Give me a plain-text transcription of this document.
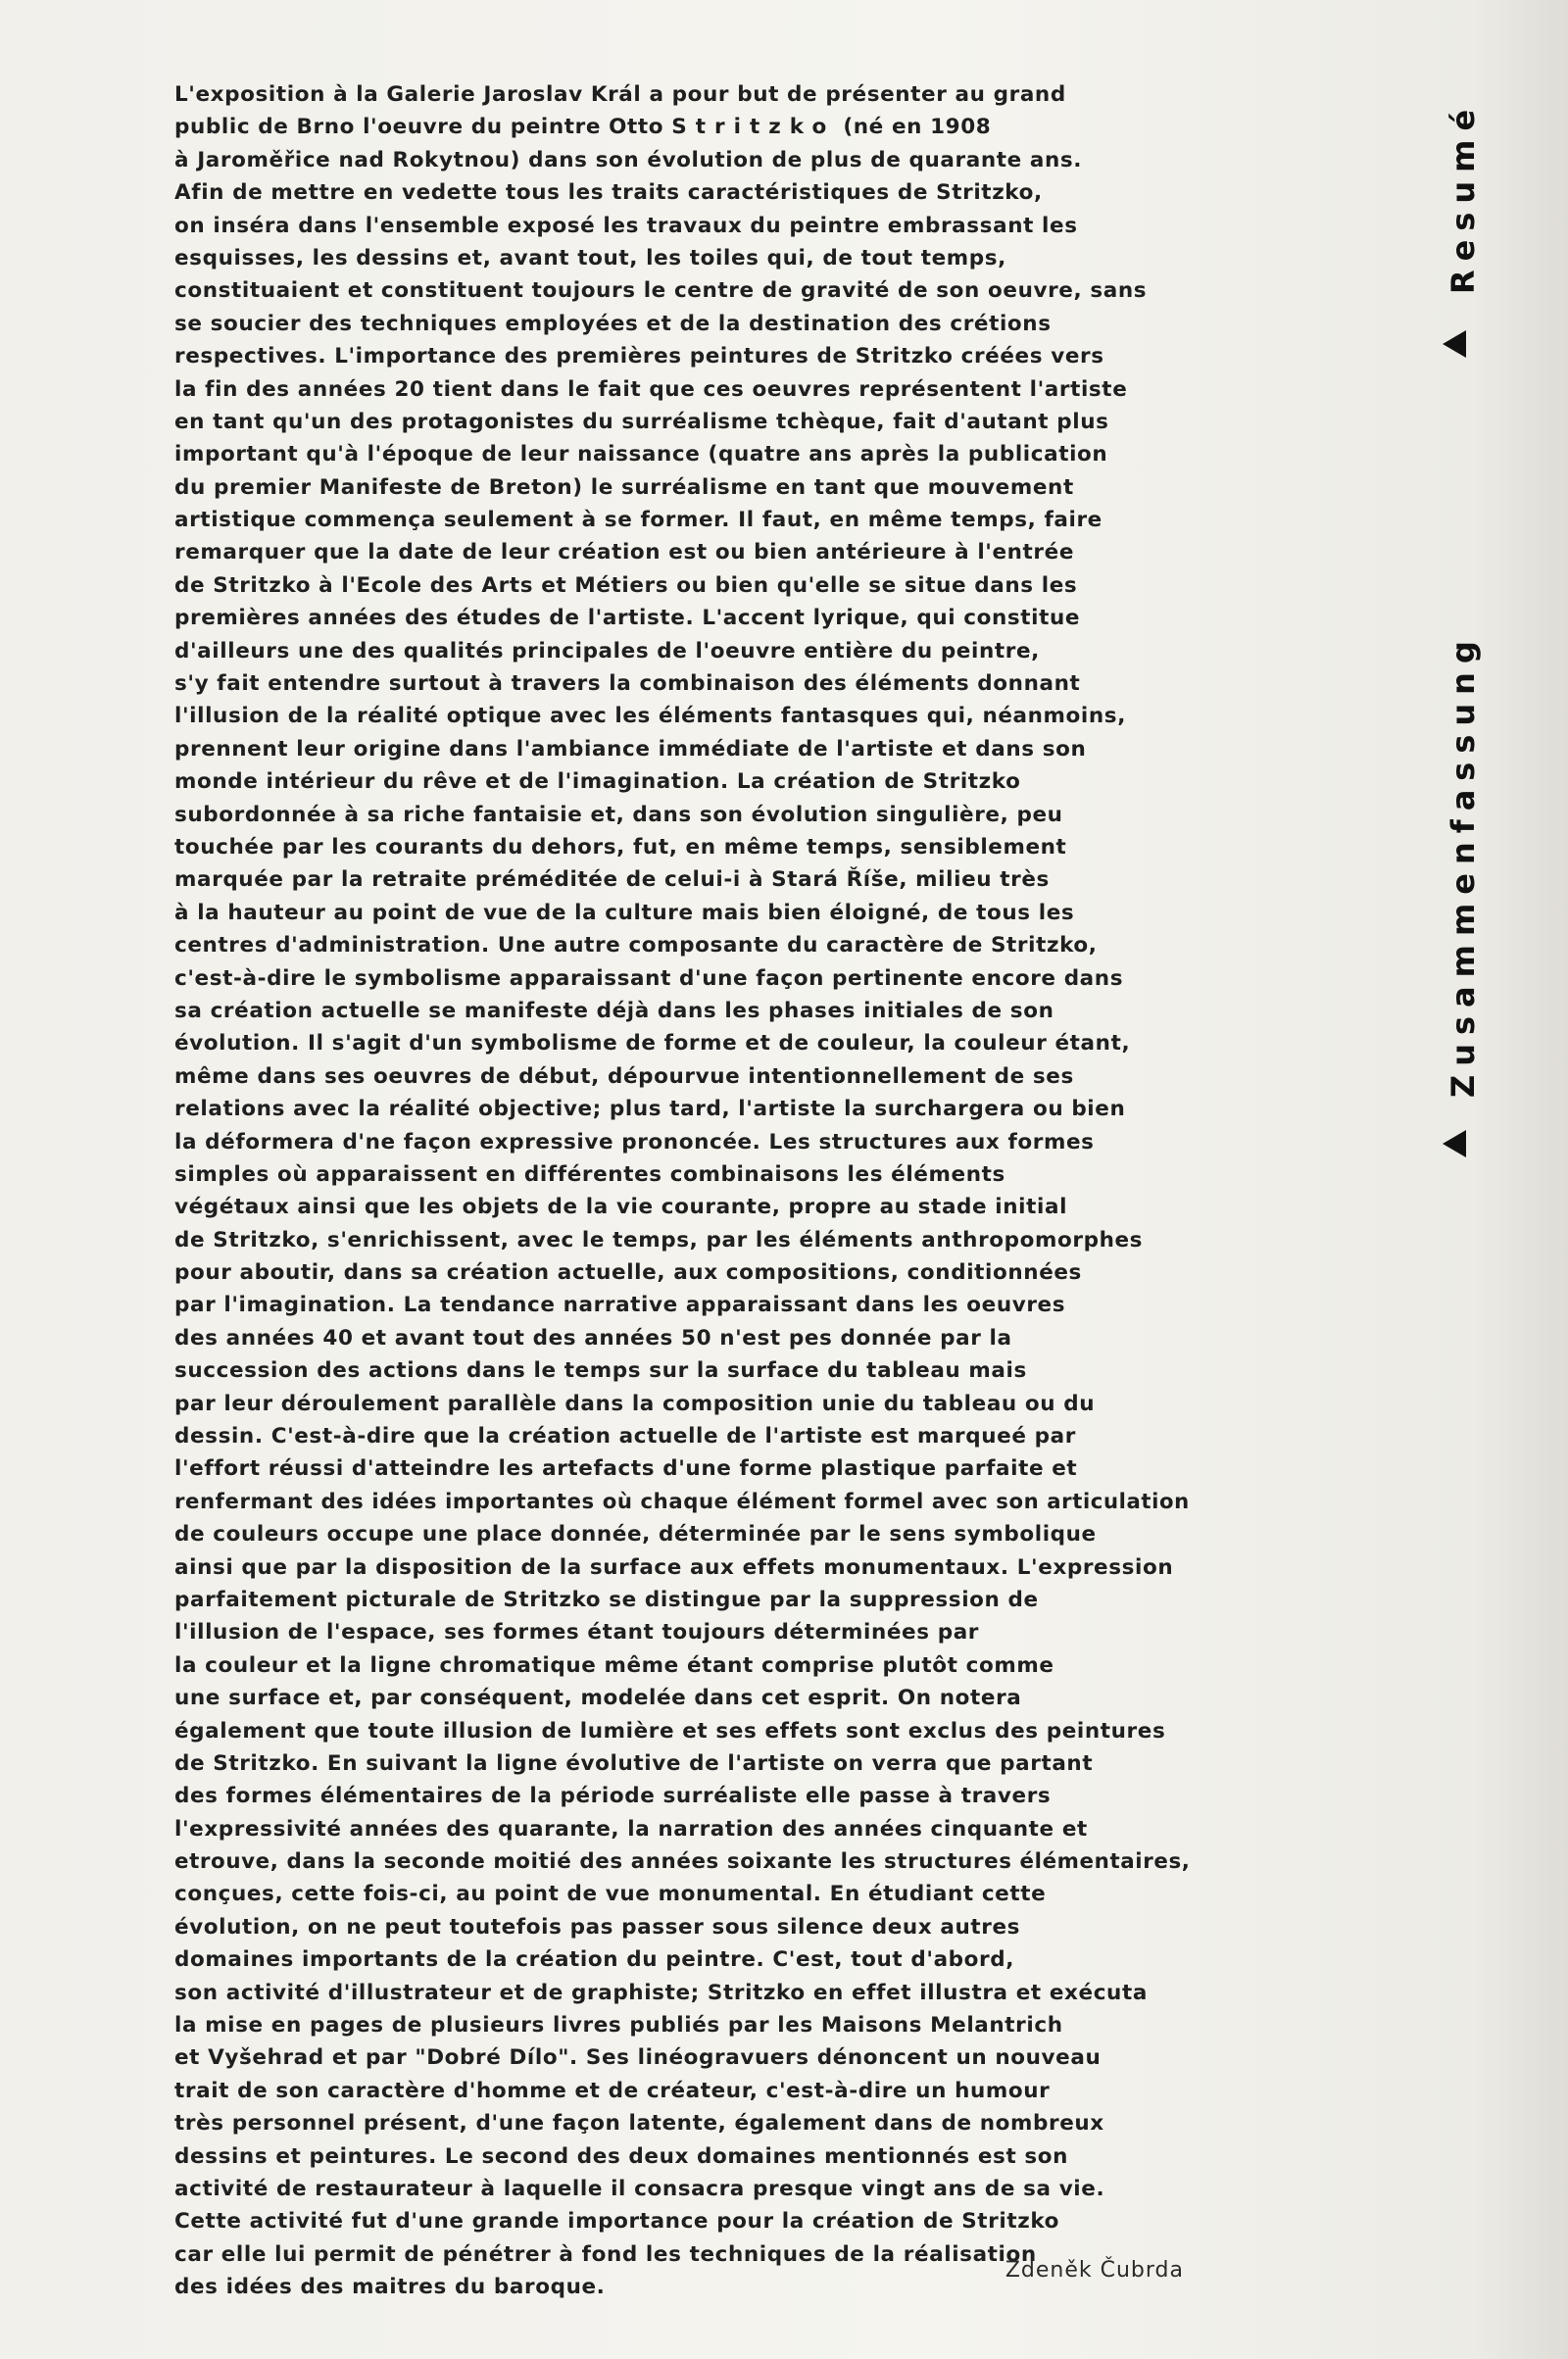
L'exposition à la Galerie Jaroslav Král a pour but de présenter au grand
public de Brno l'oeuvre du peintre Otto Stritzko (né en 1908
à Jaroměřice nad Rokytnou) dans son évolution de plus de quarante ans.
Afin de mettre en vedette tous les traits caractéristiques de Stritzko,
on inséra dans l'ensemble exposé les travaux du peintre embrassant les
esquisses, les dessins et, avant tout, les toiles qui, de tout temps,
constituaient et constituent toujours le centre de gravité de son oeuvre, sans
se soucier des techniques employées et de la destination des crétions
respectives. L'importance des premières peintures de Stritzko créées vers
la fin des années 20 tient dans le fait que ces oeuvres représentent l'artiste
en tant qu'un des protagonistes du surréalisme tchèque, fait d'autant plus
important qu'à l'époque de leur naissance (quatre ans après la publication
du premier Manifeste de Breton) le surréalisme en tant que mouvement
artistique commença seulement à se former. Il faut, en même temps, faire
remarquer que la date de leur création est ou bien antérieure à l'entrée
de Stritzko à l'Ecole des Arts et Métiers ou bien qu'elle se situe dans les
premières années des études de l'artiste. L'accent lyrique, qui constitue
d'ailleurs une des qualités principales de l'oeuvre entière du peintre,
s'y fait entendre surtout à travers la combinaison des éléments donnant
l'illusion de la réalité optique avec les éléments fantasques qui, néanmoins,
prennent leur origine dans l'ambiance immédiate de l'artiste et dans son
monde intérieur du rêve et de l'imagination. La création de Stritzko
subordonnée à sa riche fantaisie et, dans son évolution singulière, peu
touchée par les courants du dehors, fut, en même temps, sensiblement
marquée par la retraite préméditée de celui-i à Stará Říše, milieu très
à la hauteur au point de vue de la culture mais bien éloigné, de tous les
centres d'administration. Une autre composante du caractère de Stritzko,
c'est-à-dire le symbolisme apparaissant d'une façon pertinente encore dans
sa création actuelle se manifeste déjà dans les phases initiales de son
évolution. Il s'agit d'un symbolisme de forme et de couleur, la couleur étant,
même dans ses oeuvres de début, dépourvue intentionnellement de ses
relations avec la réalité objective; plus tard, l'artiste la surchargera ou bien
la déformera d'ne façon expressive prononcée. Les structures aux formes
simples où apparaissent en différentes combinaisons les éléments
végétaux ainsi que les objets de la vie courante, propre au stade initial
de Stritzko, s'enrichissent, avec le temps, par les éléments anthropomorphes
pour aboutir, dans sa création actuelle, aux compositions, conditionnées
par l'imagination. La tendance narrative apparaissant dans les oeuvres
des années 40 et avant tout des années 50 n'est pes donnée par la
succession des actions dans le temps sur la surface du tableau mais
par leur déroulement parallèle dans la composition unie du tableau ou du
dessin. C'est-à-dire que la création actuelle de l'artiste est marqueé par
l'effort réussi d'atteindre les artefacts d'une forme plastique parfaite et
renfermant des idées importantes où chaque élément formel avec son articulation
de couleurs occupe une place donnée, déterminée par le sens symbolique
ainsi que par la disposition de la surface aux effets monumentaux. L'expression
parfaitement picturale de Stritzko se distingue par la suppression de
l'illusion de l'espace, ses formes étant toujours déterminées par
la couleur et la ligne chromatique même étant comprise plutôt comme
une surface et, par conséquent, modelée dans cet esprit. On notera
également que toute illusion de lumière et ses effets sont exclus des peintures
de Stritzko. En suivant la ligne évolutive de l'artiste on verra que partant
des formes élémentaires de la période surréaliste elle passe à travers
l'expressivité années des quarante, la narration des années cinquante et
etrouve, dans la seconde moitié des années soixante les structures élémentaires,
conçues, cette fois-ci, au point de vue monumental. En étudiant cette
évolution, on ne peut toutefois pas passer sous silence deux autres
domaines importants de la création du peintre. C'est, tout d'abord,
son activité d'illustrateur et de graphiste; Stritzko en effet illustra et exécuta
la mise en pages de plusieurs livres publiés par les Maisons Melantrich
et Vyšehrad et par "Dobré Dílo". Ses linéogravuers dénoncent un nouveau
trait de son caractère d'homme et de créateur, c'est-à-dire un humour
très personnel présent, d'une façon latente, également dans de nombreux
dessins et peintures. Le second des deux domaines mentionnés est son
activité de restaurateur à laquelle il consacra presque vingt ans de sa vie.
Cette activité fut d'une grande importance pour la création de Stritzko
car elle lui permit de pénétrer à fond les techniques de la réalisation
des idées des maitres du baroque.
Zdeněk Čubrda
Resumé
Zusammenfassung
